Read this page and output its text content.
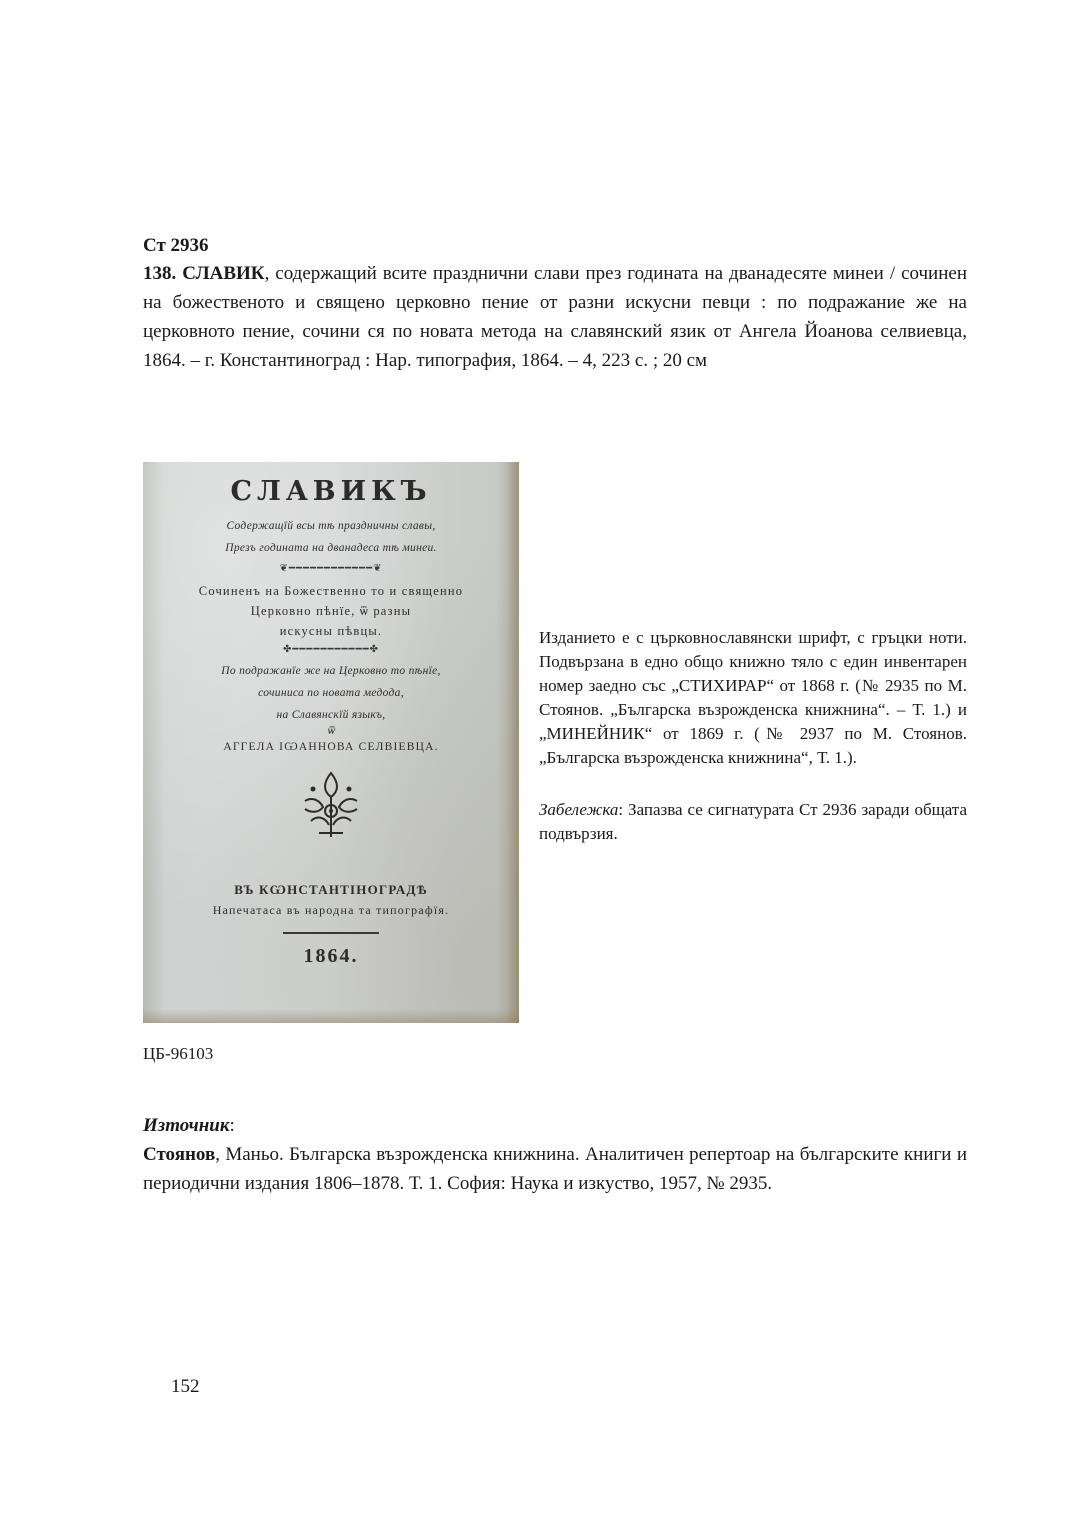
Ст 2936

138. СЛАВИК, содержащий всите празднични слави през годината на дванадесяте минеи / сочинен на божественото и священо церковно пение от разни искусни певци : по подражание же на церковното пение, сочини ся по новата метода на славянский язик от Ангела Йоанова селвиевца, 1864. – г. Константиноград : Нар. типография, 1864. – 4, 223 с. ; 20 см

СЛАВИКЪ
Содержащїй всы тѣ праздничны славы,
Презъ годината на дванадеса тѣ минеи.
❦━━━━━━━━━━━━❦
Сочиненъ на Божественно то и священно
Церковно пѣнїе, ѿ разны
искусны пѣвцы.
✤━━━━━━━━━━━✤
По подражанїе же на Церковно то пѣнїе,
сочиниса по новата медода,
на Славянскїй языкъ,
ѿ
АГГЕЛА ІѠАННОВА СЕЛВІЕВЦА.
ВЪ КѠНСТАНТІНОГРАДѢ
Напечатаса въ народна та типографїя.
1864.

Изданието е с църковнославянски шрифт, с гръцки ноти. Подвързана в едно общо книжно тяло с един инвентарен номер заедно със „СТИХИРАР“ от 1868 г. (№ 2935 по М. Стоянов. „Българска възрожденска книжнина“. – Т. 1.) и „МИНЕЙНИК“ от 1869 г. (№ 2937 по М. Стоянов. „Българска възрожденска книжнина“, Т. 1.).

Забележка: Запазва се сигнатурата Ст 2936 заради общата подвързия.

ЦБ-96103
Източник:

Стоянов, Маньо. Българска възрожденска книжнина. Аналитичен репертоар на българските книги и периодични издания 1806–1878. Т. 1. София: Наука и изкуство, 1957, № 2935.

152
